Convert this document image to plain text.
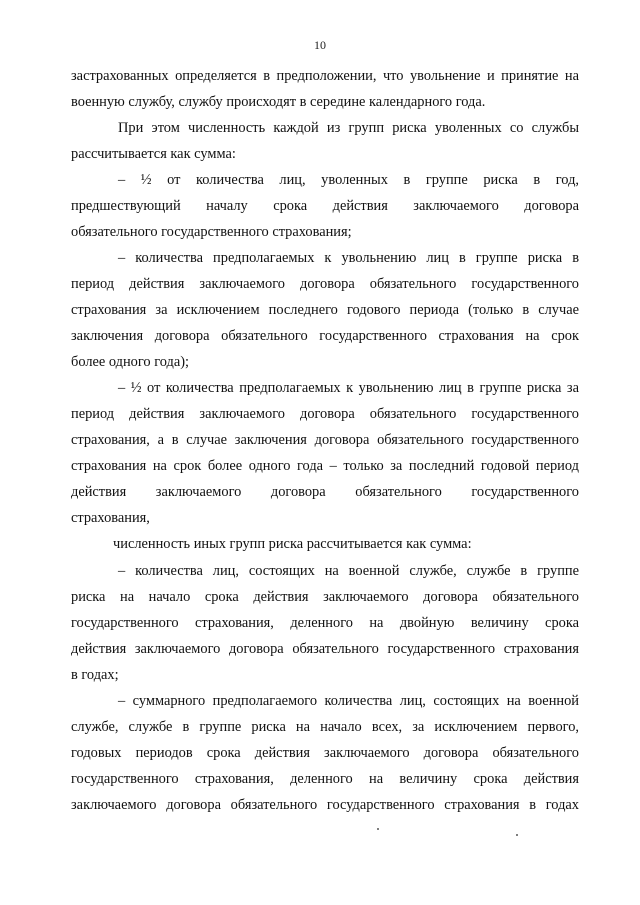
10
застрахованных определяется в предположении, что увольнение и принятие на
военную службу, службу происходят в середине календарного года.
При этом численность каждой из групп риска уволенных со службы
рассчитывается как сумма:
– ½ от количества лиц, уволенных в группе риска в год,
предшествующий началу срока действия заключаемого договора
обязательного государственного страхования;
– количества предполагаемых к увольнению лиц в группе риска в
период действия заключаемого договора обязательного государственного
страхования за исключением последнего годового периода (только в случае
заключения договора обязательного государственного страхования на срок
более одного года);
– ½ от количества предполагаемых к увольнению лиц в группе риска за
период действия заключаемого договора обязательного государственного
страхования, а в случае заключения договора обязательного государственного
страхования на срок более одного года – только за последний годовой период
действия заключаемого договора обязательного государственного
страхования,
численность иных групп риска рассчитывается как сумма:
– количества лиц, состоящих на военной службе, службе в группе
риска на начало срока действия заключаемого договора обязательного
государственного страхования, деленного на двойную величину срока
действия заключаемого договора обязательного государственного страхования
в годах;
– суммарного предполагаемого количества лиц, состоящих на военной
службе, службе в группе риска на начало всех, за исключением первого,
годовых периодов срока действия заключаемого договора обязательного
государственного страхования, деленного на величину срока действия
заключаемого договора обязательного государственного страхования в годах
